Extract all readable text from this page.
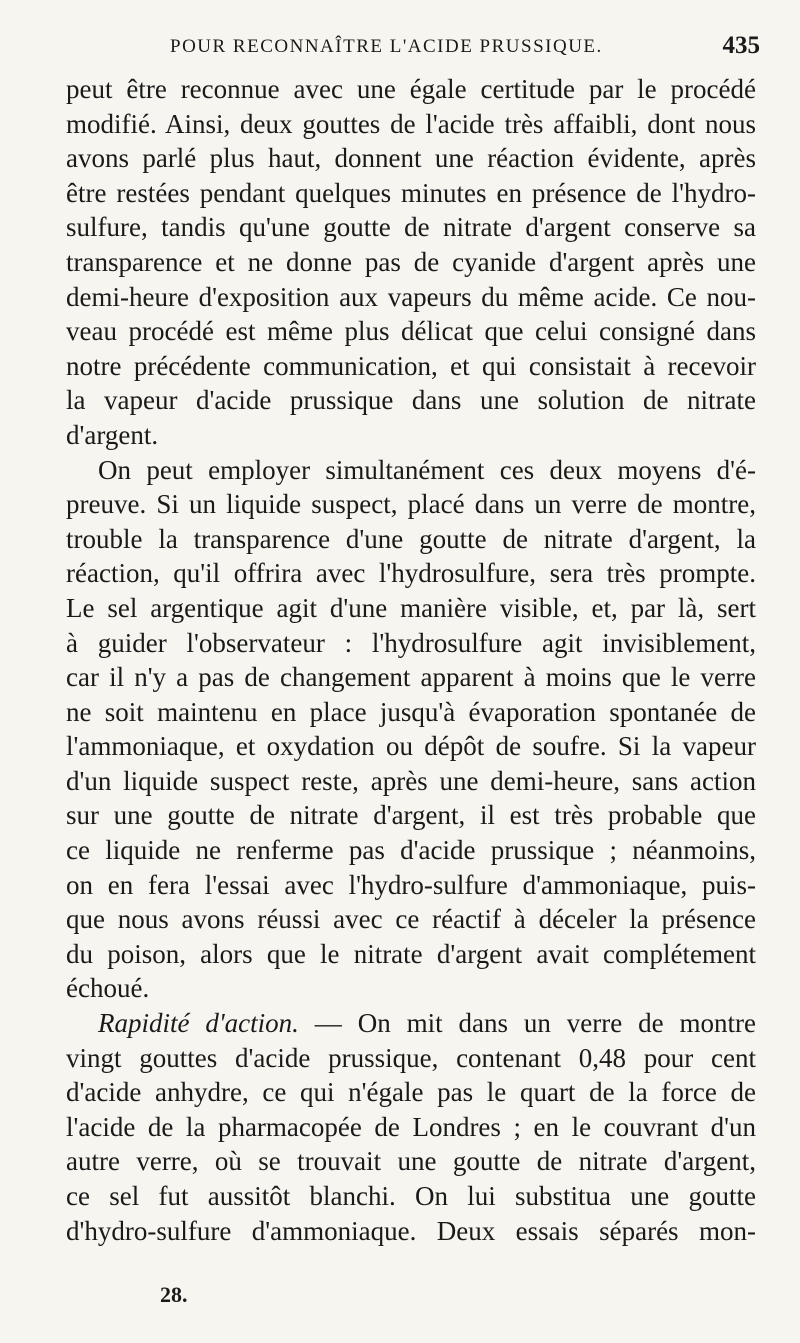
POUR RECONNAÎTRE L'ACIDE PRUSSIQUE.	435
peut être reconnue avec une égale certitude par le procédé
modifié. Ainsi, deux gouttes de l'acide très affaibli, dont nous
avons parlé plus haut, donnent une réaction évidente, après
être restées pendant quelques minutes en présence de l'hydro-
sulfure, tandis qu'une goutte de nitrate d'argent conserve sa
transparence et ne donne pas de cyanide d'argent après une
demi-heure d'exposition aux vapeurs du même acide. Ce nou-
veau procédé est même plus délicat que celui consigné dans
notre précédente communication, et qui consistait à recevoir
la vapeur d'acide prussique dans une solution de nitrate
d'argent.
On peut employer simultanément ces deux moyens d'é-
preuve. Si un liquide suspect, placé dans un verre de montre,
trouble la transparence d'une goutte de nitrate d'argent, la
réaction, qu'il offrira avec l'hydrosulfure, sera très prompte.
Le sel argentique agit d'une manière visible, et, par là, sert
à guider l'observateur : l'hydrosulfure agit invisiblement,
car il n'y a pas de changement apparent à moins que le verre
ne soit maintenu en place jusqu'à évaporation spontanée de
l'ammoniaque, et oxydation ou dépôt de soufre. Si la vapeur
d'un liquide suspect reste, après une demi-heure, sans action
sur une goutte de nitrate d'argent, il est très probable que
ce liquide ne renferme pas d'acide prussique ; néanmoins,
on en fera l'essai avec l'hydro-sulfure d'ammoniaque, puis-
que nous avons réussi avec ce réactif à déceler la présence
du poison, alors que le nitrate d'argent avait complétement
échoué.
Rapidité d'action. — On mit dans un verre de montre
vingt gouttes d'acide prussique, contenant 0,48 pour cent
d'acide anhydre, ce qui n'égale pas le quart de la force de
l'acide de la pharmacopée de Londres ; en le couvrant d'un
autre verre, où se trouvait une goutte de nitrate d'argent,
ce sel fut aussitôt blanchi. On lui substitua une goutte
d'hydro-sulfure d'ammoniaque. Deux essais séparés mon-
28.
